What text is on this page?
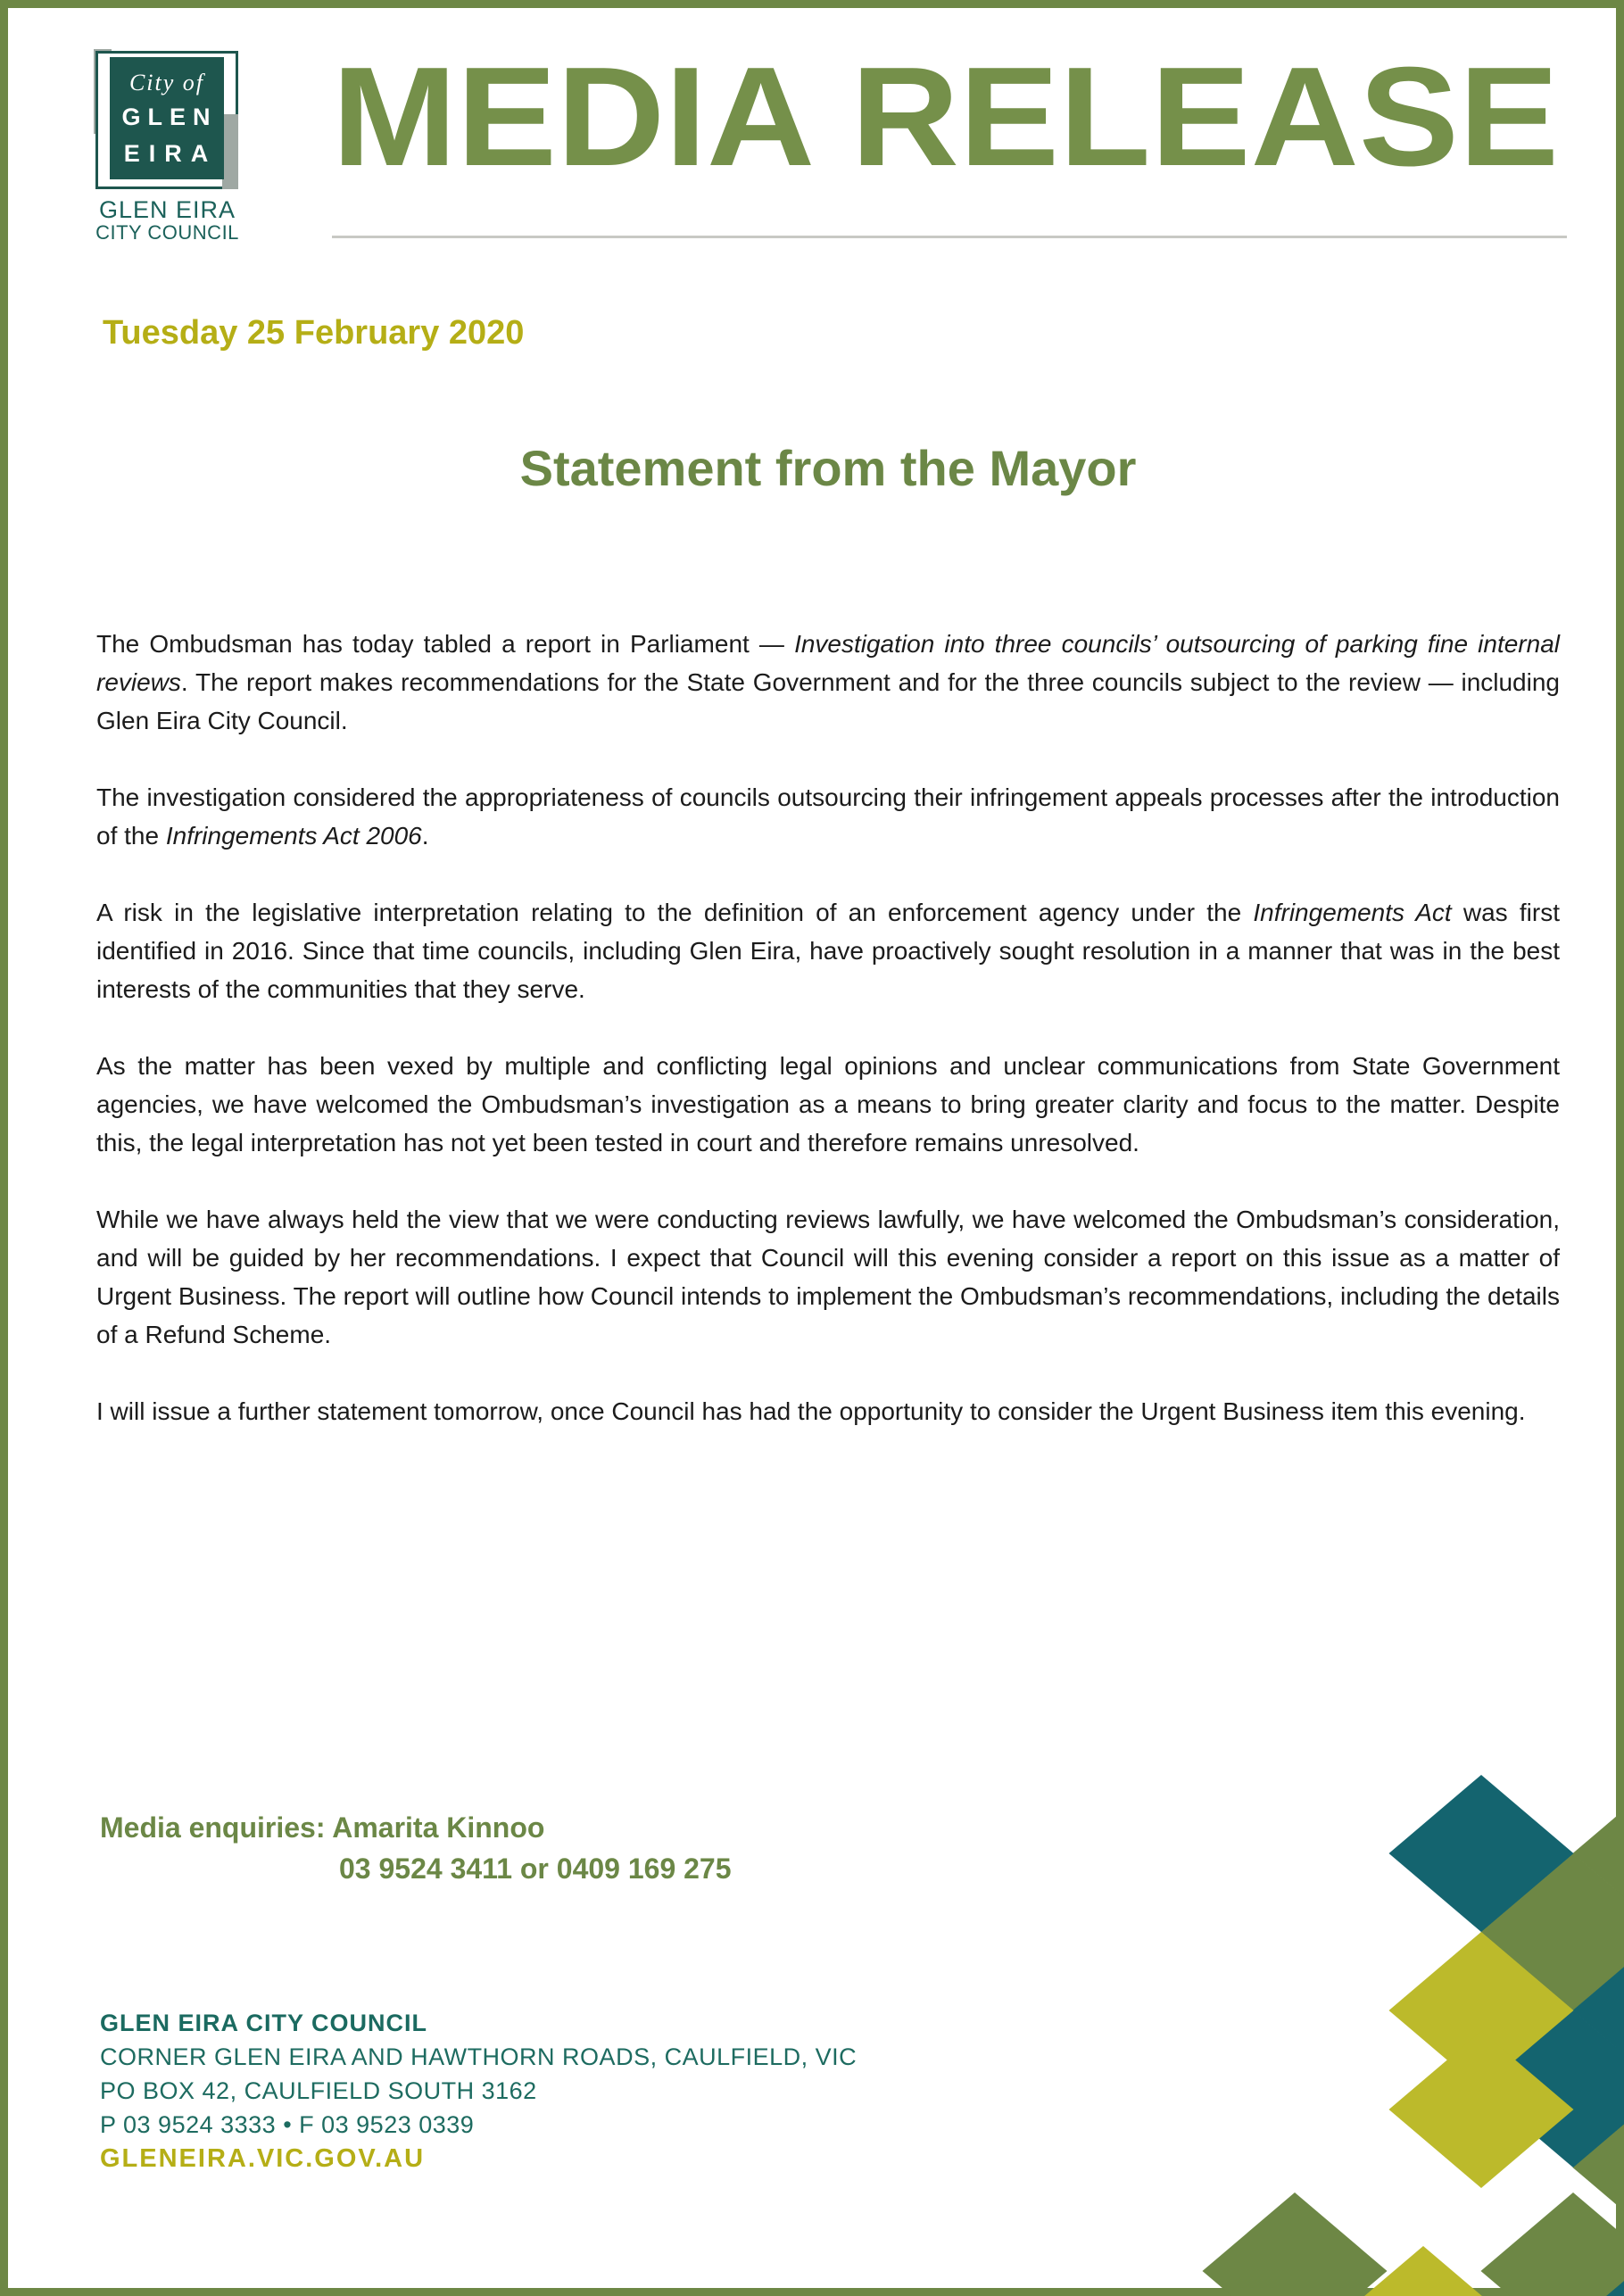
City of
GLEN
EIRA
GLEN EIRA
CITY COUNCIL
MEDIA RELEASE
Tuesday 25 February 2020
Statement from the Mayor

The Ombudsman has today tabled a report in Parliament — Investigation into three councils’ outsourcing of parking fine internal reviews. The report makes recommendations for the State Government and for the three councils subject to the review — including Glen Eira City Council.

The investigation considered the appropriateness of councils outsourcing their infringement appeals processes after the introduction of the Infringements Act 2006.

A risk in the legislative interpretation relating to the definition of an enforcement agency under the Infringements Act was first identified in 2016. Since that time councils, including Glen Eira, have proactively sought resolution in a manner that was in the best interests of the communities that they serve.

As the matter has been vexed by multiple and conflicting legal opinions and unclear communications from State Government agencies, we have welcomed the Ombudsman’s investigation as a means to bring greater clarity and focus to the matter. Despite this, the legal interpretation has not yet been tested in court and therefore remains unresolved.

While we have always held the view that we were conducting reviews lawfully, we have welcomed the Ombudsman’s consideration, and will be guided by her recommendations. I expect that Council will this evening consider a report on this issue as a matter of Urgent Business. The report will outline how Council intends to implement the Ombudsman’s recommendations, including the details of a Refund Scheme.

I will issue a further statement tomorrow, once Council has had the opportunity to consider the Urgent Business item this evening.

Media enquiries: Amarita Kinnoo
03 9524 3411 or 0409 169 275
GLEN EIRA CITY COUNCIL
CORNER GLEN EIRA AND HAWTHORN ROADS, CAULFIELD, VIC
PO BOX 42, CAULFIELD SOUTH 3162
P 03 9524 3333 • F 03 9523 0339
GLENEIRA.VIC.GOV.AU
